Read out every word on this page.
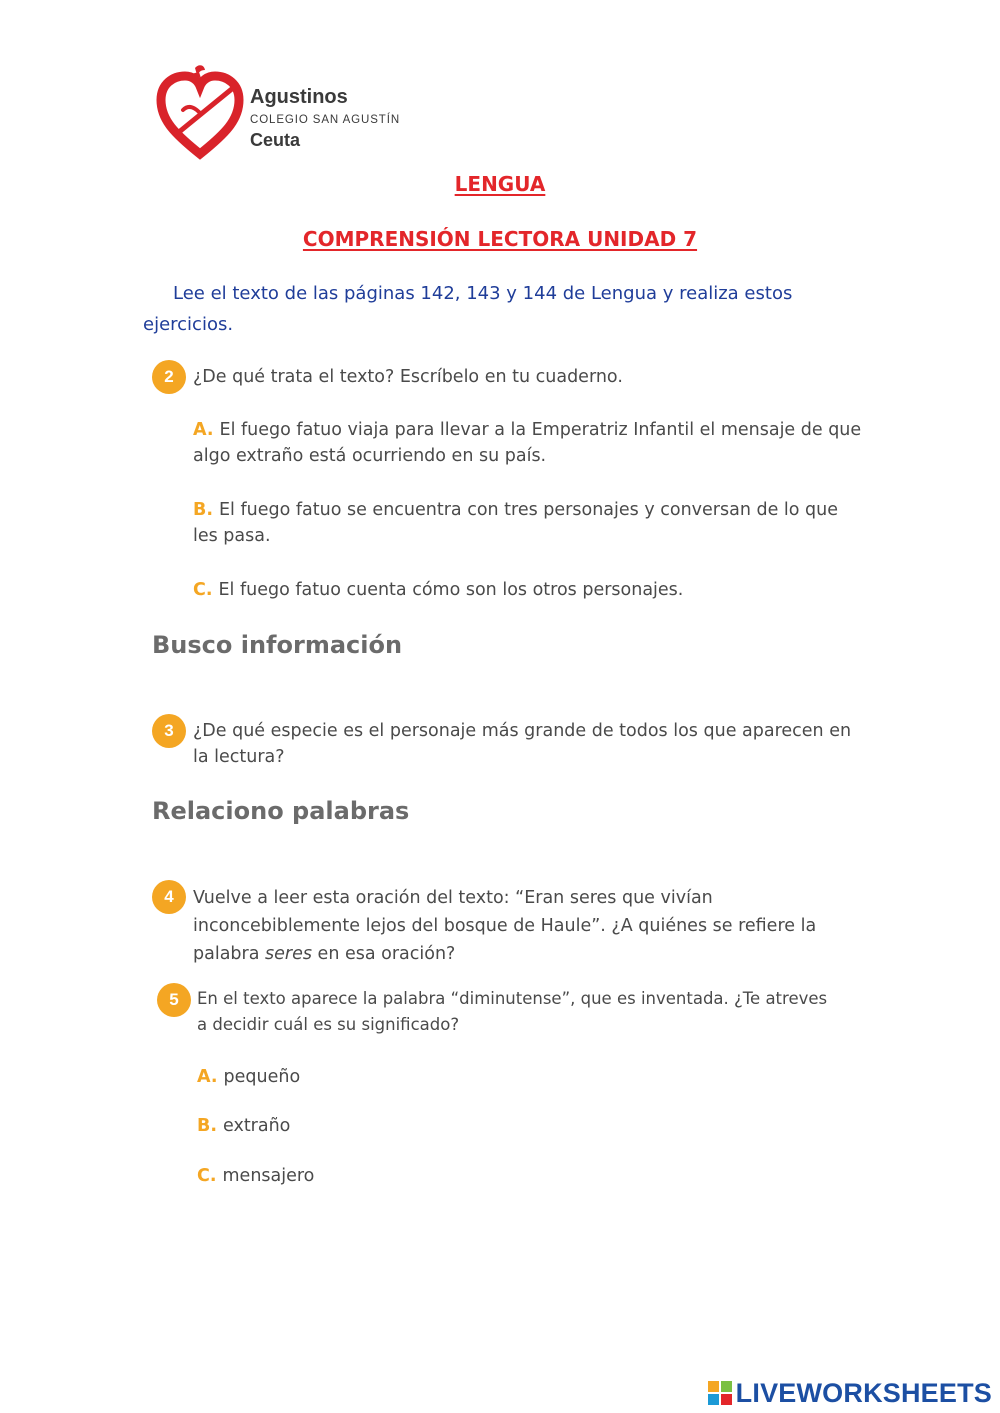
Agustinos
COLEGIO SAN AGUSTÍN
Ceuta
LENGUA
COMPRENSIÓN LECTORA UNIDAD 7
Lee el texto de las páginas 142, 143 y 144 de Lengua y realiza estos ejercicios.
2	¿De qué trata el texto? Escríbelo en tu cuaderno.
A. El fuego fatuo viaja para llevar a la Emperatriz Infantil el mensaje de que
algo extraño está ocurriendo en su país.
B. El fuego fatuo se encuentra con tres personajes y conversan de lo que
les pasa.
C. El fuego fatuo cuenta cómo son los otros personajes.
Busco información
3	¿De qué especie es el personaje más grande de todos los que aparecen en
la lectura?
Relaciono palabras
4	Vuelve a leer esta oración del texto: “Eran seres que vivían
inconcebiblemente lejos del bosque de Haule”. ¿A quiénes se refiere la
palabra seres en esa oración?
5	En el texto aparece la palabra “diminutense”, que es inventada. ¿Te atreves
a decidir cuál es su significado?
A. pequeño
B. extraño
C. mensajero
LIVEWORKSHEETS
